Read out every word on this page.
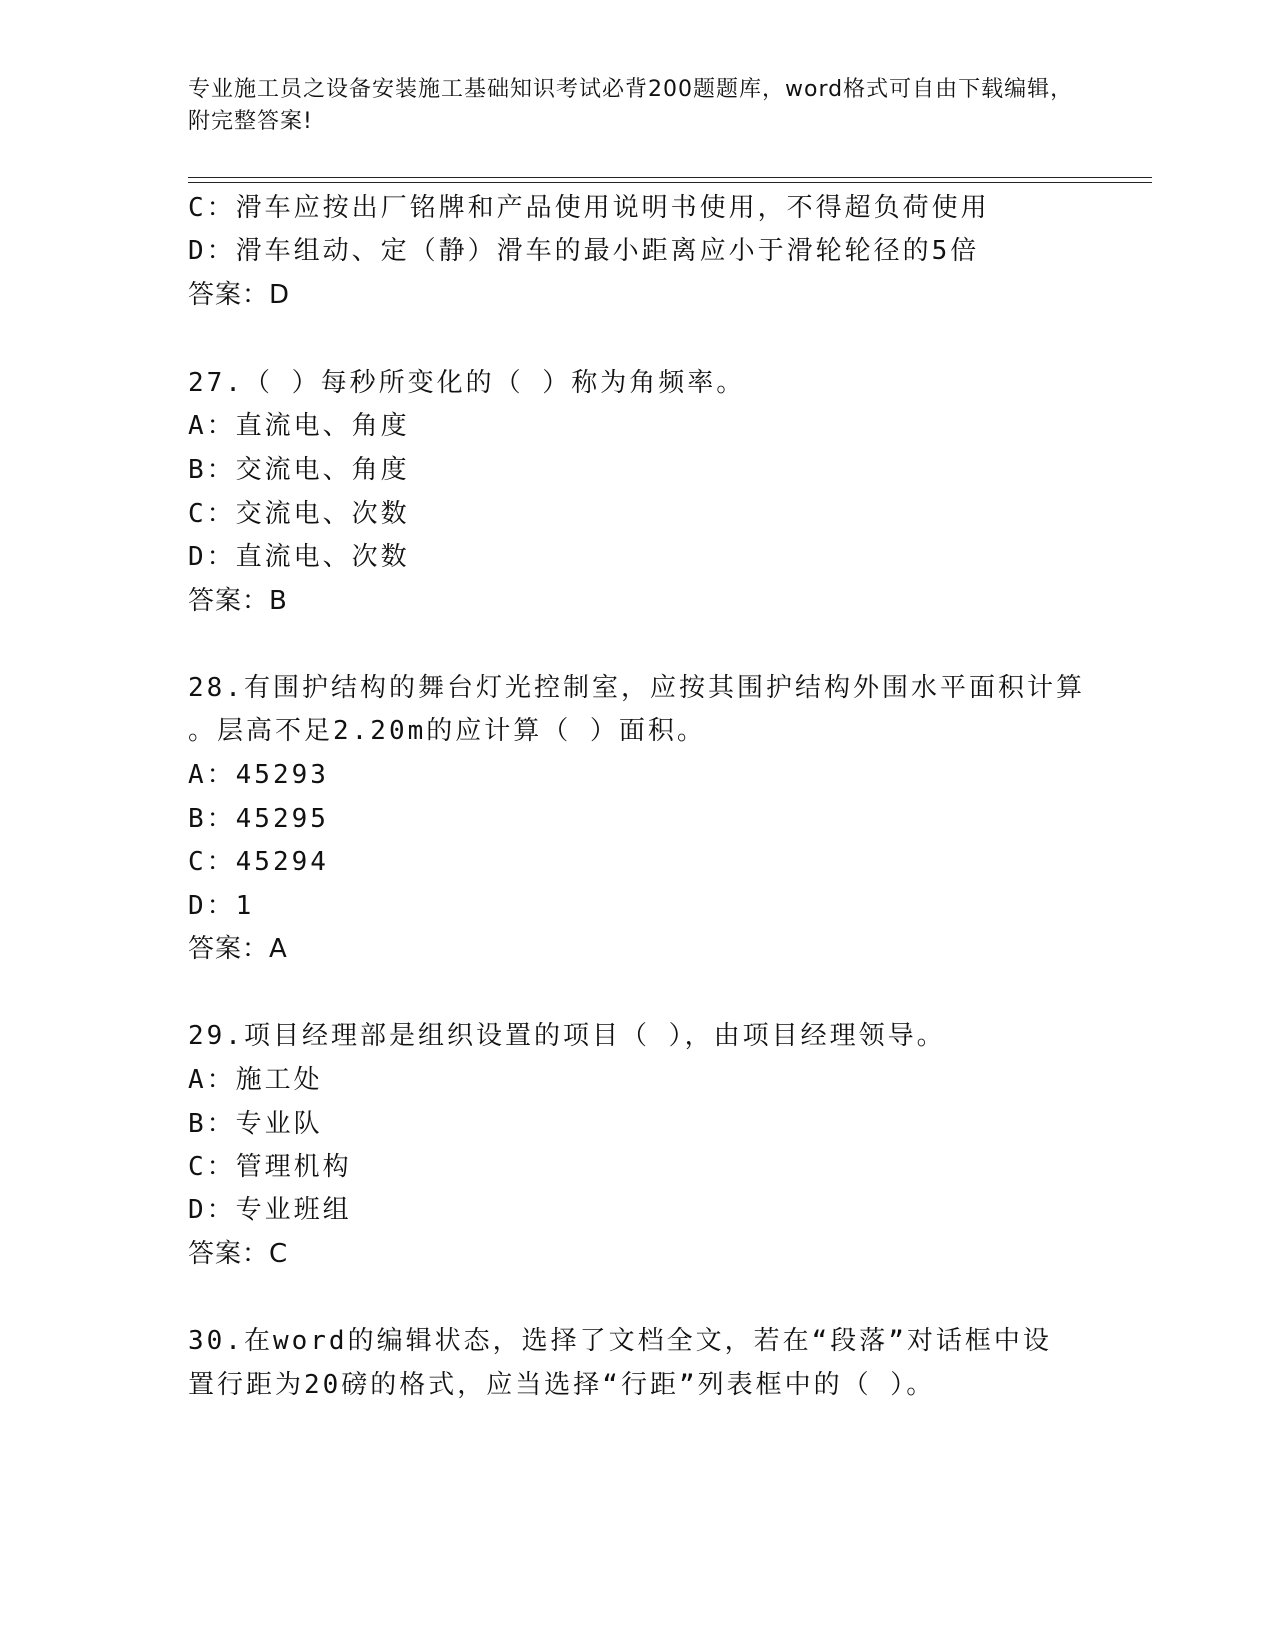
专业施工员之设备安装施工基础知识考试必背200题题库，word格式可自由下载编辑，附完整答案!
C：滑车应按出厂铭牌和产品使用说明书使用，不得超负荷使用
D：滑车组动、定（静）滑车的最小距离应小于滑轮轮径的5倍
答案：D
27.（ ）每秒所变化的（ ）称为角频率。
A：直流电、角度
B：交流电、角度
C：交流电、次数
D：直流电、次数
答案：B
28.有围护结构的舞台灯光控制室，应按其围护结构外围水平面积计算
。层高不足2.20m的应计算（ ）面积。
A：45293
B：45295
C：45294
D：1
答案：A
29.项目经理部是组织设置的项目（ ），由项目经理领导。
A：施工处
B：专业队
C：管理机构
D：专业班组
答案：C
30.在word的编辑状态，选择了文档全文，若在“段落”对话框中设
置行距为20磅的格式，应当选择“行距”列表框中的（ ）。
